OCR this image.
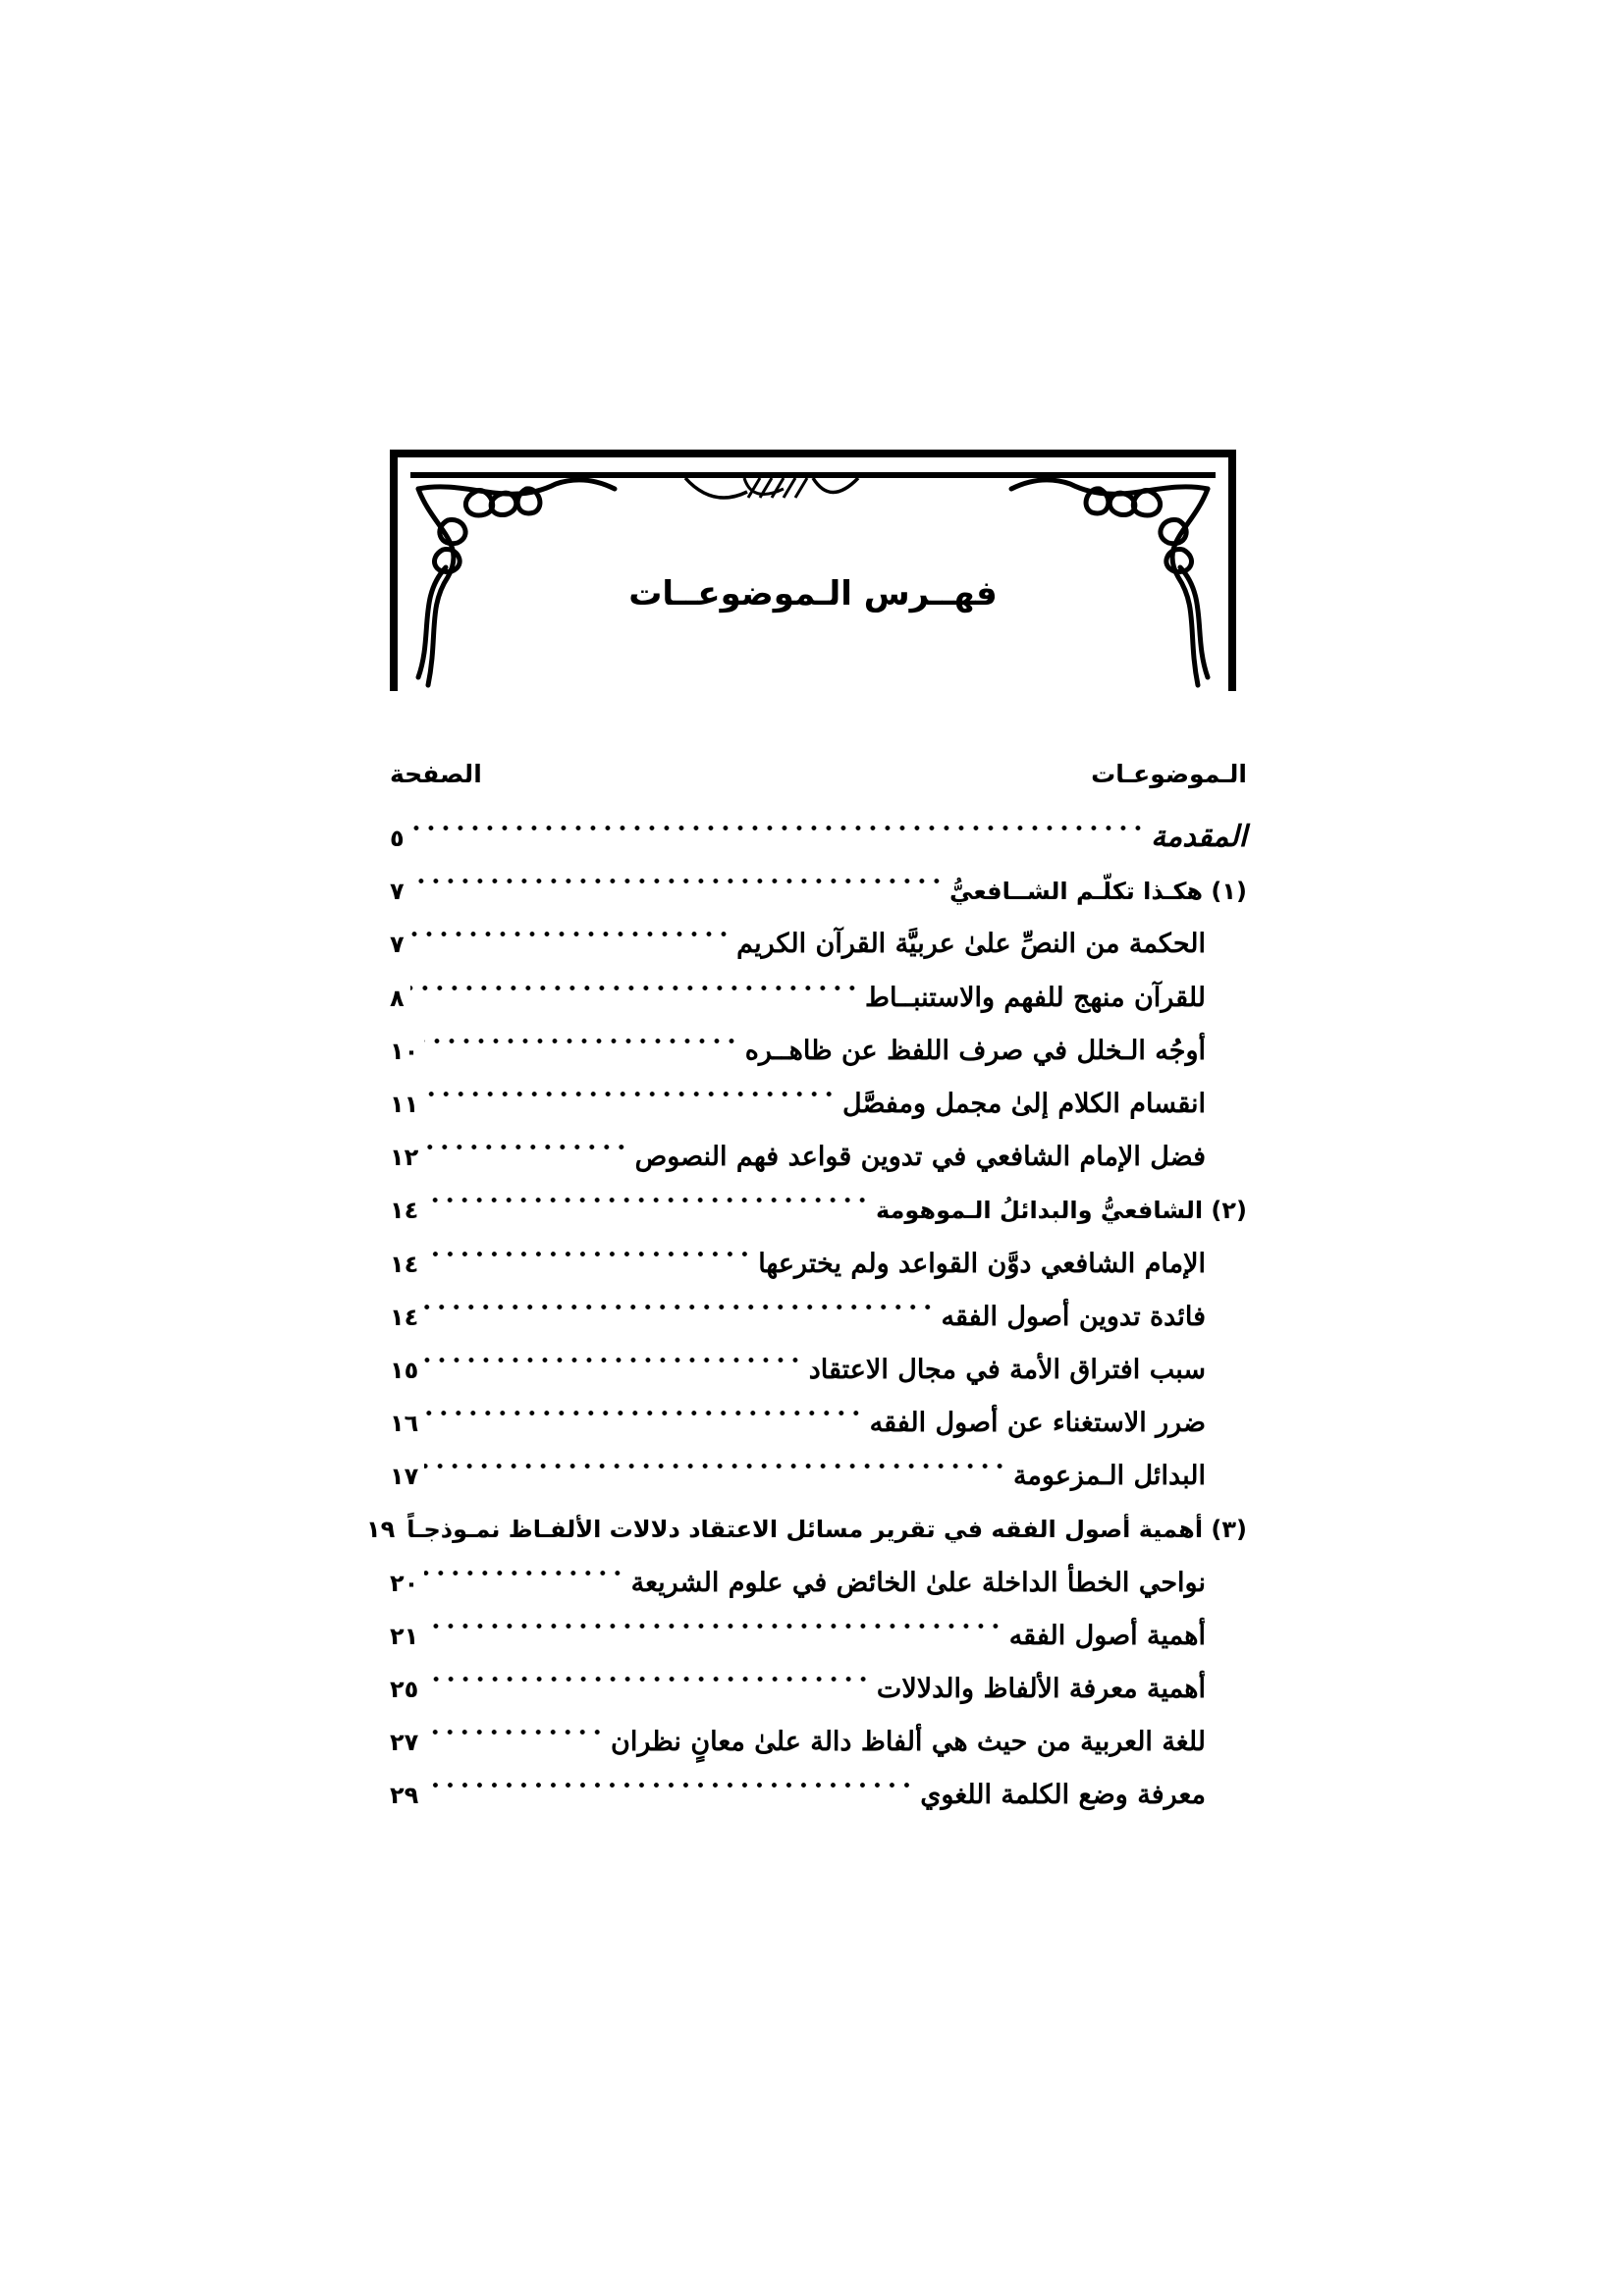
فهــرس الـموضوعــات
الـموضوعـات
الصفحة
المقدمة
٥
(١) هكـذا تكلّـم الشــافعيُّ
٧
الحكمة من النصِّ علىٰ عربيَّة القرآن الكريم
٧
للقرآن منهج للفهم والاستنبــاط
٨
أوجُه الـخلل في صرف اللفظ عن ظاهــره
١٠
انقسام الكلام إلىٰ مجمل ومفصَّل
١١
فضل الإمام الشافعي في تدوين قواعد فهم النصوص
١٢
(٢) الشافعيُّ والبدائلُ الـموهومة
١٤
الإمام الشافعي دوَّن القواعد ولم يخترعها
١٤
فائدة تدوين أصول الفقه
١٤
سبب افتراق الأمة في مجال الاعتقاد
١٥
ضرر الاستغناء عن أصول الفقه
١٦
البدائل الـمزعومة
١٧
(٣) أهمية أصول الفقه في تقرير مسائل الاعتقاد دلالات الألفـاظ نمـوذجـاً
١٩
نواحي الخطأ الداخلة علىٰ الخائض في علوم الشريعة
٢٠
أهمية أصول الفقه
٢١
أهمية معرفة الألفاظ والدلالات
٢٥
للغة العربية من حيث هي ألفاظ دالة علىٰ معانٍ نظران
٢٧
معرفة وضع الكلمة اللغوي
٢٩
